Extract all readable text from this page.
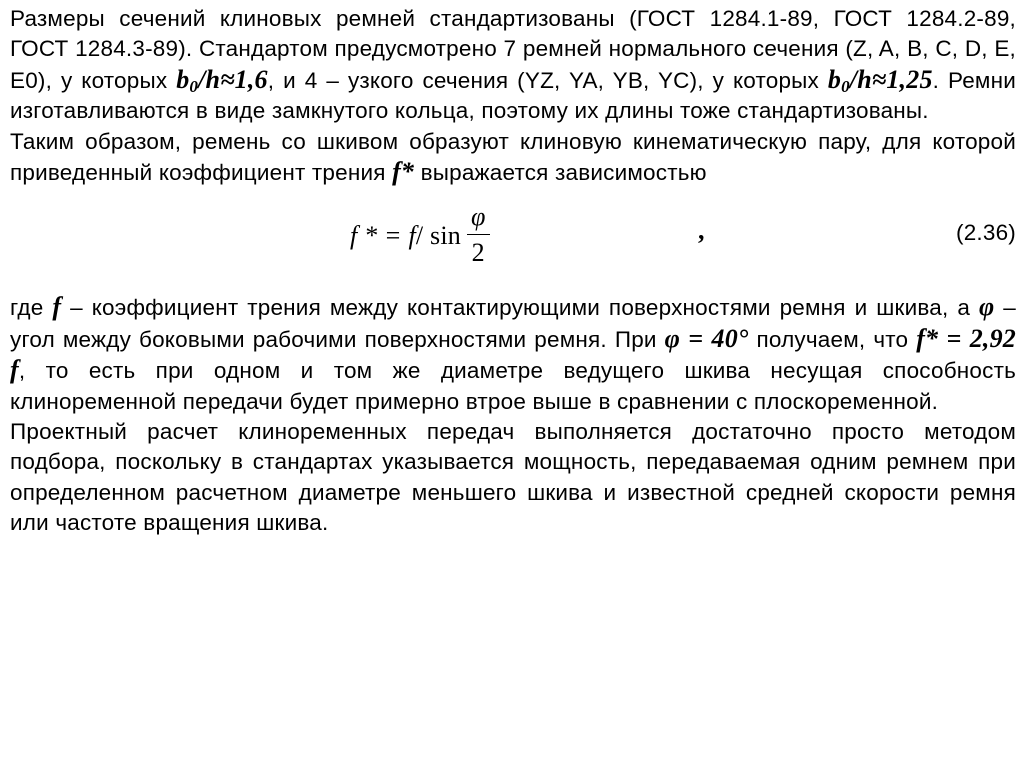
Размеры сечений клиновых ремней стандартизованы (ГОСТ 1284.1-89, ГОСТ 1284.2-89, ГОСТ 1284.3-89). Стандартом предусмотрено 7 ремней нормального сечения (Z, A, B, C, D, E, E0), у которых $b_0/h\approx 1,6$, и 4 – узкого сечения (YZ, YA, YB, YC), у которых $b_0/h\approx 1,25$. Ремни изготавливаются в виде замкнутого кольца, поэтому их длины тоже стандартизованы.

Таким образом, ремень со шкивом образуют клиновую кинематическую пару, для которой приведенный коэффициент трения f* выражается зависимостью

f * = f / $\sin \frac{\varphi}{2}$	,	(2.36)

где f – коэффициент трения между контактирующими поверхностями ремня и шкива, а φ – угол между боковыми рабочими поверхностями ремня. При φ = 40° получаем, что f* = 2,92 f, то есть при одном и том же диаметре ведущего шкива несущая способность клиноременной передачи будет примерно втрое выше в сравнении с плоскоременной.

Проектный расчет клиноременных передач выполняется достаточно просто методом подбора, поскольку в стандартах указывается мощность, передаваемая одним ремнем при определенном расчетном диаметре меньшего шкива и известной средней скорости ремня или частоте вращения шкива.
